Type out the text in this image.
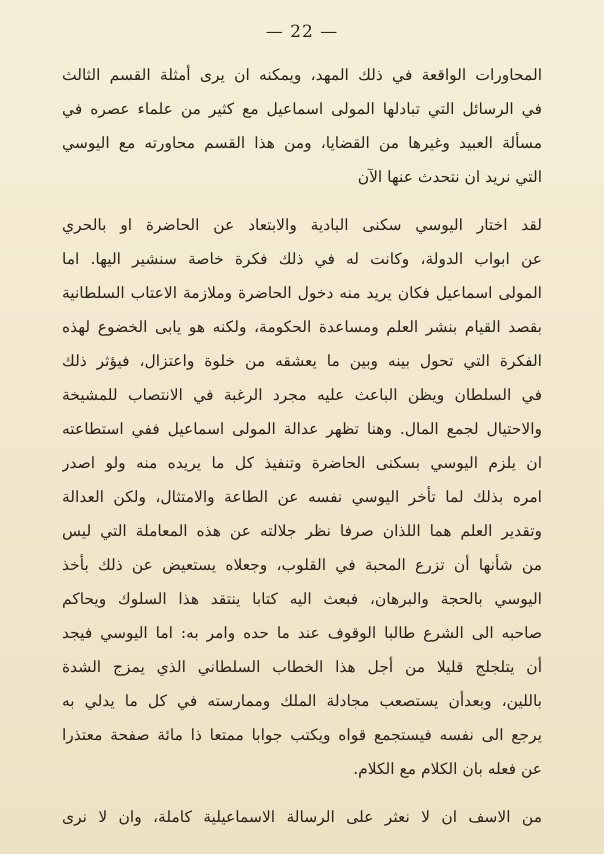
— 22 —
المحاورات الواقعة في ذلك المهد، ويمكنه ان يرى أمثلة القسم الثالث
في الرسائل التي تبادلها المولى اسماعيل مع كثير من علماء عصره في
مسألة العبيد وغيرها من القضايا، ومن هذا القسم محاورته مع اليوسي
التي نريد ان نتحدث عنها الآن
لقد اختار اليوسي سكنى البادية والابتعاد عن الحاضرة او بالحري
عن ابواب الدولة، وكانت له في ذلك فكرة خاصة سنشير اليها. اما
المولى اسماعيل فكان يريد منه دخول الحاضرة وملازمة الاعتاب السلطانية
بقصد القيام بنشر العلم ومساعدة الحكومة، ولكنه هو يابى الخضوع لهذه
الفكرة التي تحول بينه وبين ما يعشقه من خلوة واعتزال، فيؤثر ذلك
في السلطان ويظن الباعث عليه مجرد الرغبة في الانتصاب للمشيخة
والاحتيال لجمع المال. وهنا تظهر عدالة المولى اسماعيل ففي استطاعته
ان يلزم اليوسي بسكنى الحاضرة وتنفيذ كل ما يريده منه ولو اصدر
امره بذلك لما تأخر اليوسي نفسه عن الطاعة والامتثال، ولكن العدالة
وتقدير العلم هما اللذان صرفا نظر جلالته عن هذه المعاملة التي ليس
من شأنها أن تزرع المحبة في القلوب، وجعلاه يستعيض عن ذلك بأخذ
اليوسي بالحجة والبرهان، فبعث اليه كتابا ينتقد هذا السلوك ويحاكم
صاحبه الى الشرع طالبا الوقوف عند ما حده وامر به: اما اليوسي فيجد
أن يتلجلج قليلا من أجل هذا الخطاب السلطاني الذي يمزج الشدة
باللين، وبعدأن يستصعب مجادلة الملك وممارسته في كل ما يدلي به
يرجع الى نفسه فيستجمع قواه ويكتب جوابا ممتعا ذا مائة صفحة معتذرا
عن فعله بان الكلام مع الكلام.
من الاسف ان لا نعثر على الرسالة الاسماعيلية كاملة، وان لا نرى
